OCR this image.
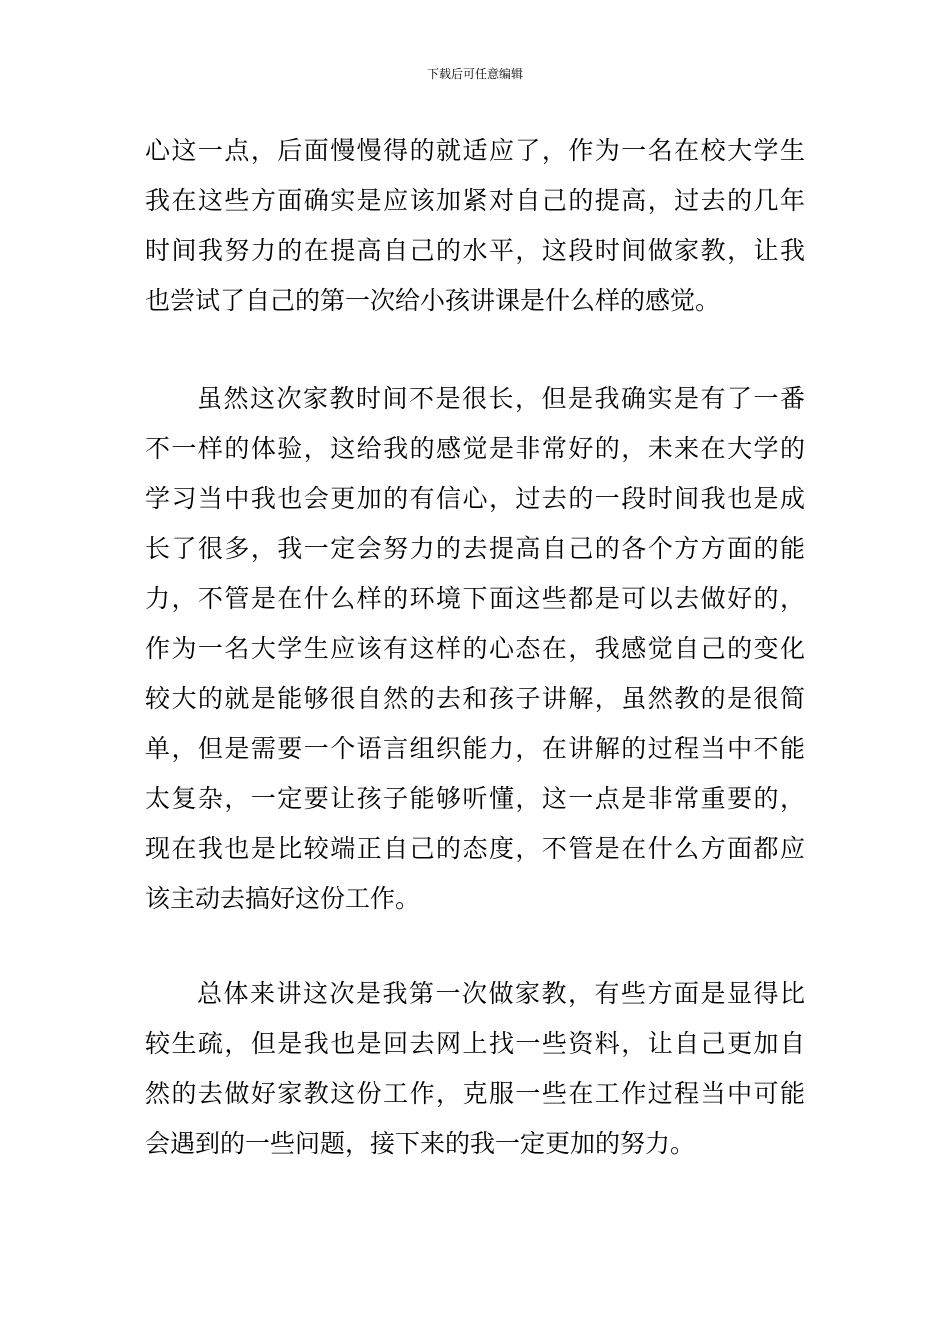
下载后可任意编辑
心这一点，后面慢慢得的就适应了，作为一名在校大学生
我在这些方面确实是应该加紧对自己的提高，过去的几年
时间我努力的在提高自己的水平，这段时间做家教，让我
也尝试了自己的第一次给小孩讲课是什么样的感觉。
虽然这次家教时间不是很长，但是我确实是有了一番
不一样的体验，这给我的感觉是非常好的，未来在大学的
学习当中我也会更加的有信心，过去的一段时间我也是成
长了很多，我一定会努力的去提高自己的各个方方面的能
力，不管是在什么样的环境下面这些都是可以去做好的，
作为一名大学生应该有这样的心态在，我感觉自己的变化
较大的就是能够很自然的去和孩子讲解，虽然教的是很简
单，但是需要一个语言组织能力，在讲解的过程当中不能
太复杂，一定要让孩子能够听懂，这一点是非常重要的，
现在我也是比较端正自己的态度，不管是在什么方面都应
该主动去搞好这份工作。
总体来讲这次是我第一次做家教，有些方面是显得比
较生疏，但是我也是回去网上找一些资料，让自己更加自
然的去做好家教这份工作，克服一些在工作过程当中可能
会遇到的一些问题，接下来的我一定更加的努力。
